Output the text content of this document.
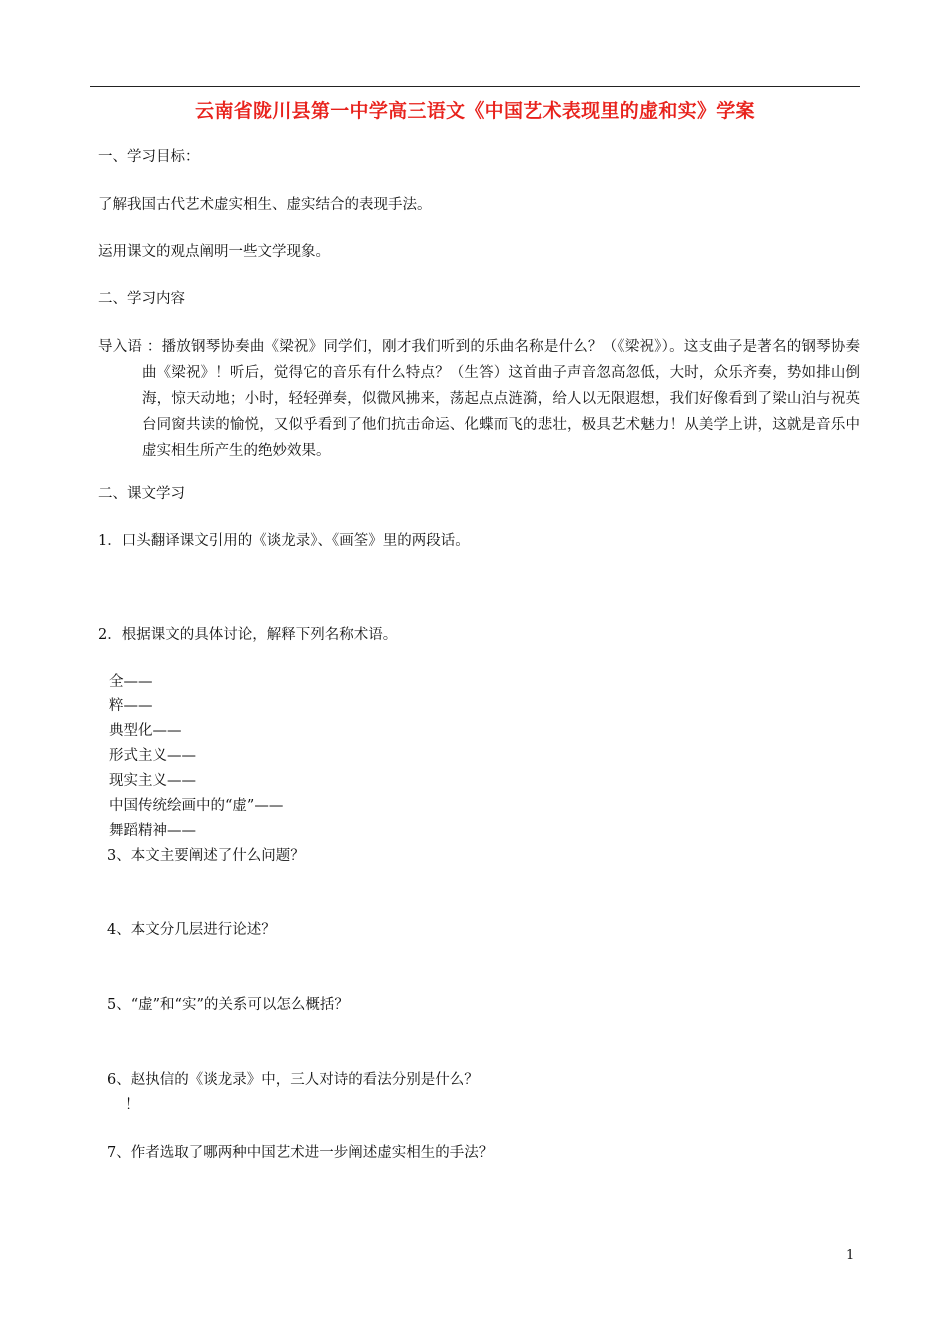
云南省陇川县第一中学高三语文《中国艺术表现里的虚和实》学案
一、学习目标：
了解我国古代艺术虚实相生、虚实结合的表现手法。
运用课文的观点阐明一些文学现象。
二、学习内容
导入语 ：播放钢琴协奏曲《梁祝》同学们，刚才我们听到的乐曲名称是什么？（《梁祝》）。这支曲子是著名的钢琴协奏曲《梁祝》！听后，觉得它的音乐有什么特点？（生答）这首曲子声音忽高忽低，大时，众乐齐奏，势如排山倒海，惊天动地；小时，轻轻弹奏，似微风拂来，荡起点点涟漪，给人以无限遐想，我们好像看到了梁山泊与祝英台同窗共读的愉悦，又似乎看到了他们抗击命运、化蝶而飞的悲壮，极具艺术魅力！从美学上讲，这就是音乐中虚实相生所产生的绝妙效果。
二、课文学习
1．口头翻译课文引用的《谈龙录》、《画筌》里的两段话。
2．根据课文的具体讨论，解释下列名称术语。
全——
粹——
典型化——
形式主义——
现实主义——
中国传统绘画中的“虚”——
舞蹈精神——
3、本文主要阐述了什么问题？
4、本文分几层进行论述？
5、“虚”和“实”的关系可以怎么概括？
6、赵执信的《谈龙录》中，三人对诗的看法分别是什么？
！
7、作者选取了哪两种中国艺术进一步阐述虚实相生的手法？
1
